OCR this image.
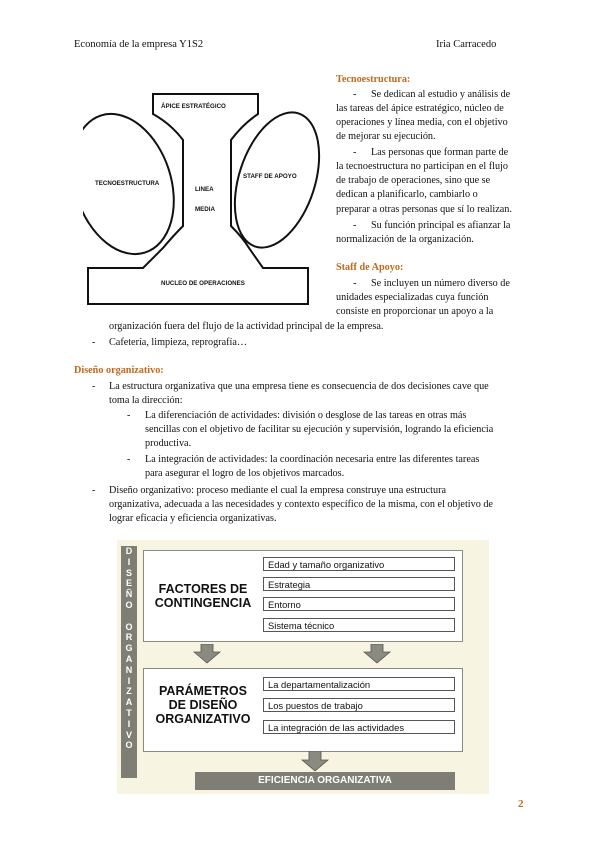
Economía de la empresa Y1S2	Iria Carracedo
ÁPICE ESTRATÉGICO
TECNOESTRUCTURA
STAFF DE APOYO
LINEA
MEDIA
NUCLEO DE OPERACIONES
Tecnoestructura:
- Se dedican al estudio y análisis de
las tareas del ápice estratégico, núcleo de
operaciones y línea media, con el objetivo
de mejorar su ejecución.
- Las personas que forman parte de
la tecnoestructura no participan en el flujo
de trabajo de operaciones, sino que se
dedican a planificarlo, cambiarlo o
preparar a otras personas que sí lo realizan.
- Su función principal es afianzar la
normalización de la organización.
Staff de Apoyo:
- Se incluyen un número diverso de
unidades especializadas cuya función
consiste en proporcionar un apoyo a la
organización fuera del flujo de la actividad principal de la empresa.
- Cafetería, limpieza, reprografía…
Diseño organizativo:
- La estructura organizativa que una empresa tiene es consecuencia de dos decisiones cave que
toma la dirección:
- La diferenciación de actividades: división o desglose de las tareas en otras más
sencillas con el objetivo de facilitar su ejecución y supervisión, logrando la eficiencia
productiva.
- La integración de actividades: la coordinación necesaria entre las diferentes tareas
para asegurar el logro de los objetivos marcados.
- Diseño organizativo: proceso mediante el cual la empresa construye una estructura
organizativa, adecuada a las necesidades y contexto específico de la misma, con el objetivo de
lograr eficacia y eficiencia organizativas.
D
I
S
E
Ñ
O

O
R
G
A
N
I
Z
A
T
I
V
O
FACTORES DE
CONTINGENCIA
Edad y tamaño organizativo
Estrategia
Entorno
Sistema técnico
PARÁMETROS
DE DISEÑO
ORGANIZATIVO
La departamentalización
Los puestos de trabajo
La integración de las actividades
EFICIENCIA ORGANIZATIVA
2
